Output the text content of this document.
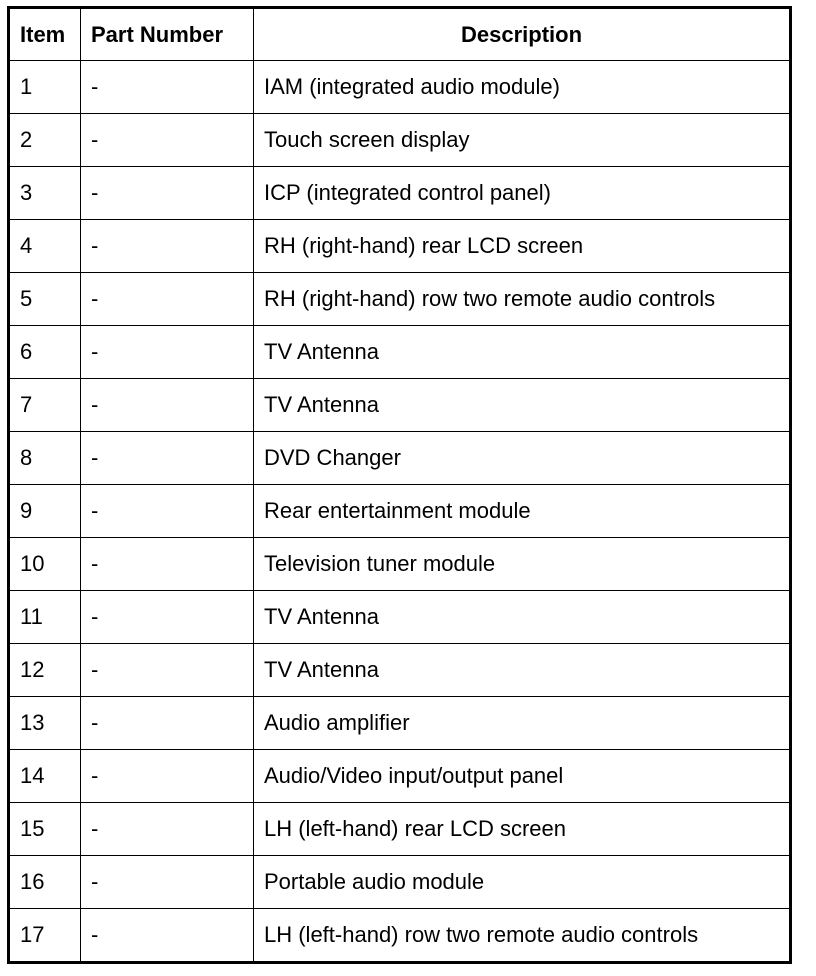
Item	Part Number	Description
1	-	IAM (integrated audio module)
2	-	Touch screen display
3	-	ICP (integrated control panel)
4	-	RH (right-hand) rear LCD screen
5	-	RH (right-hand) row two remote audio controls
6	-	TV Antenna
7	-	TV Antenna
8	-	DVD Changer
9	-	Rear entertainment module
10	-	Television tuner module
11	-	TV Antenna
12	-	TV Antenna
13	-	Audio amplifier
14	-	Audio/Video input/output panel
15	-	LH (left-hand) rear LCD screen
16	-	Portable audio module
17	-	LH (left-hand) row two remote audio controls
